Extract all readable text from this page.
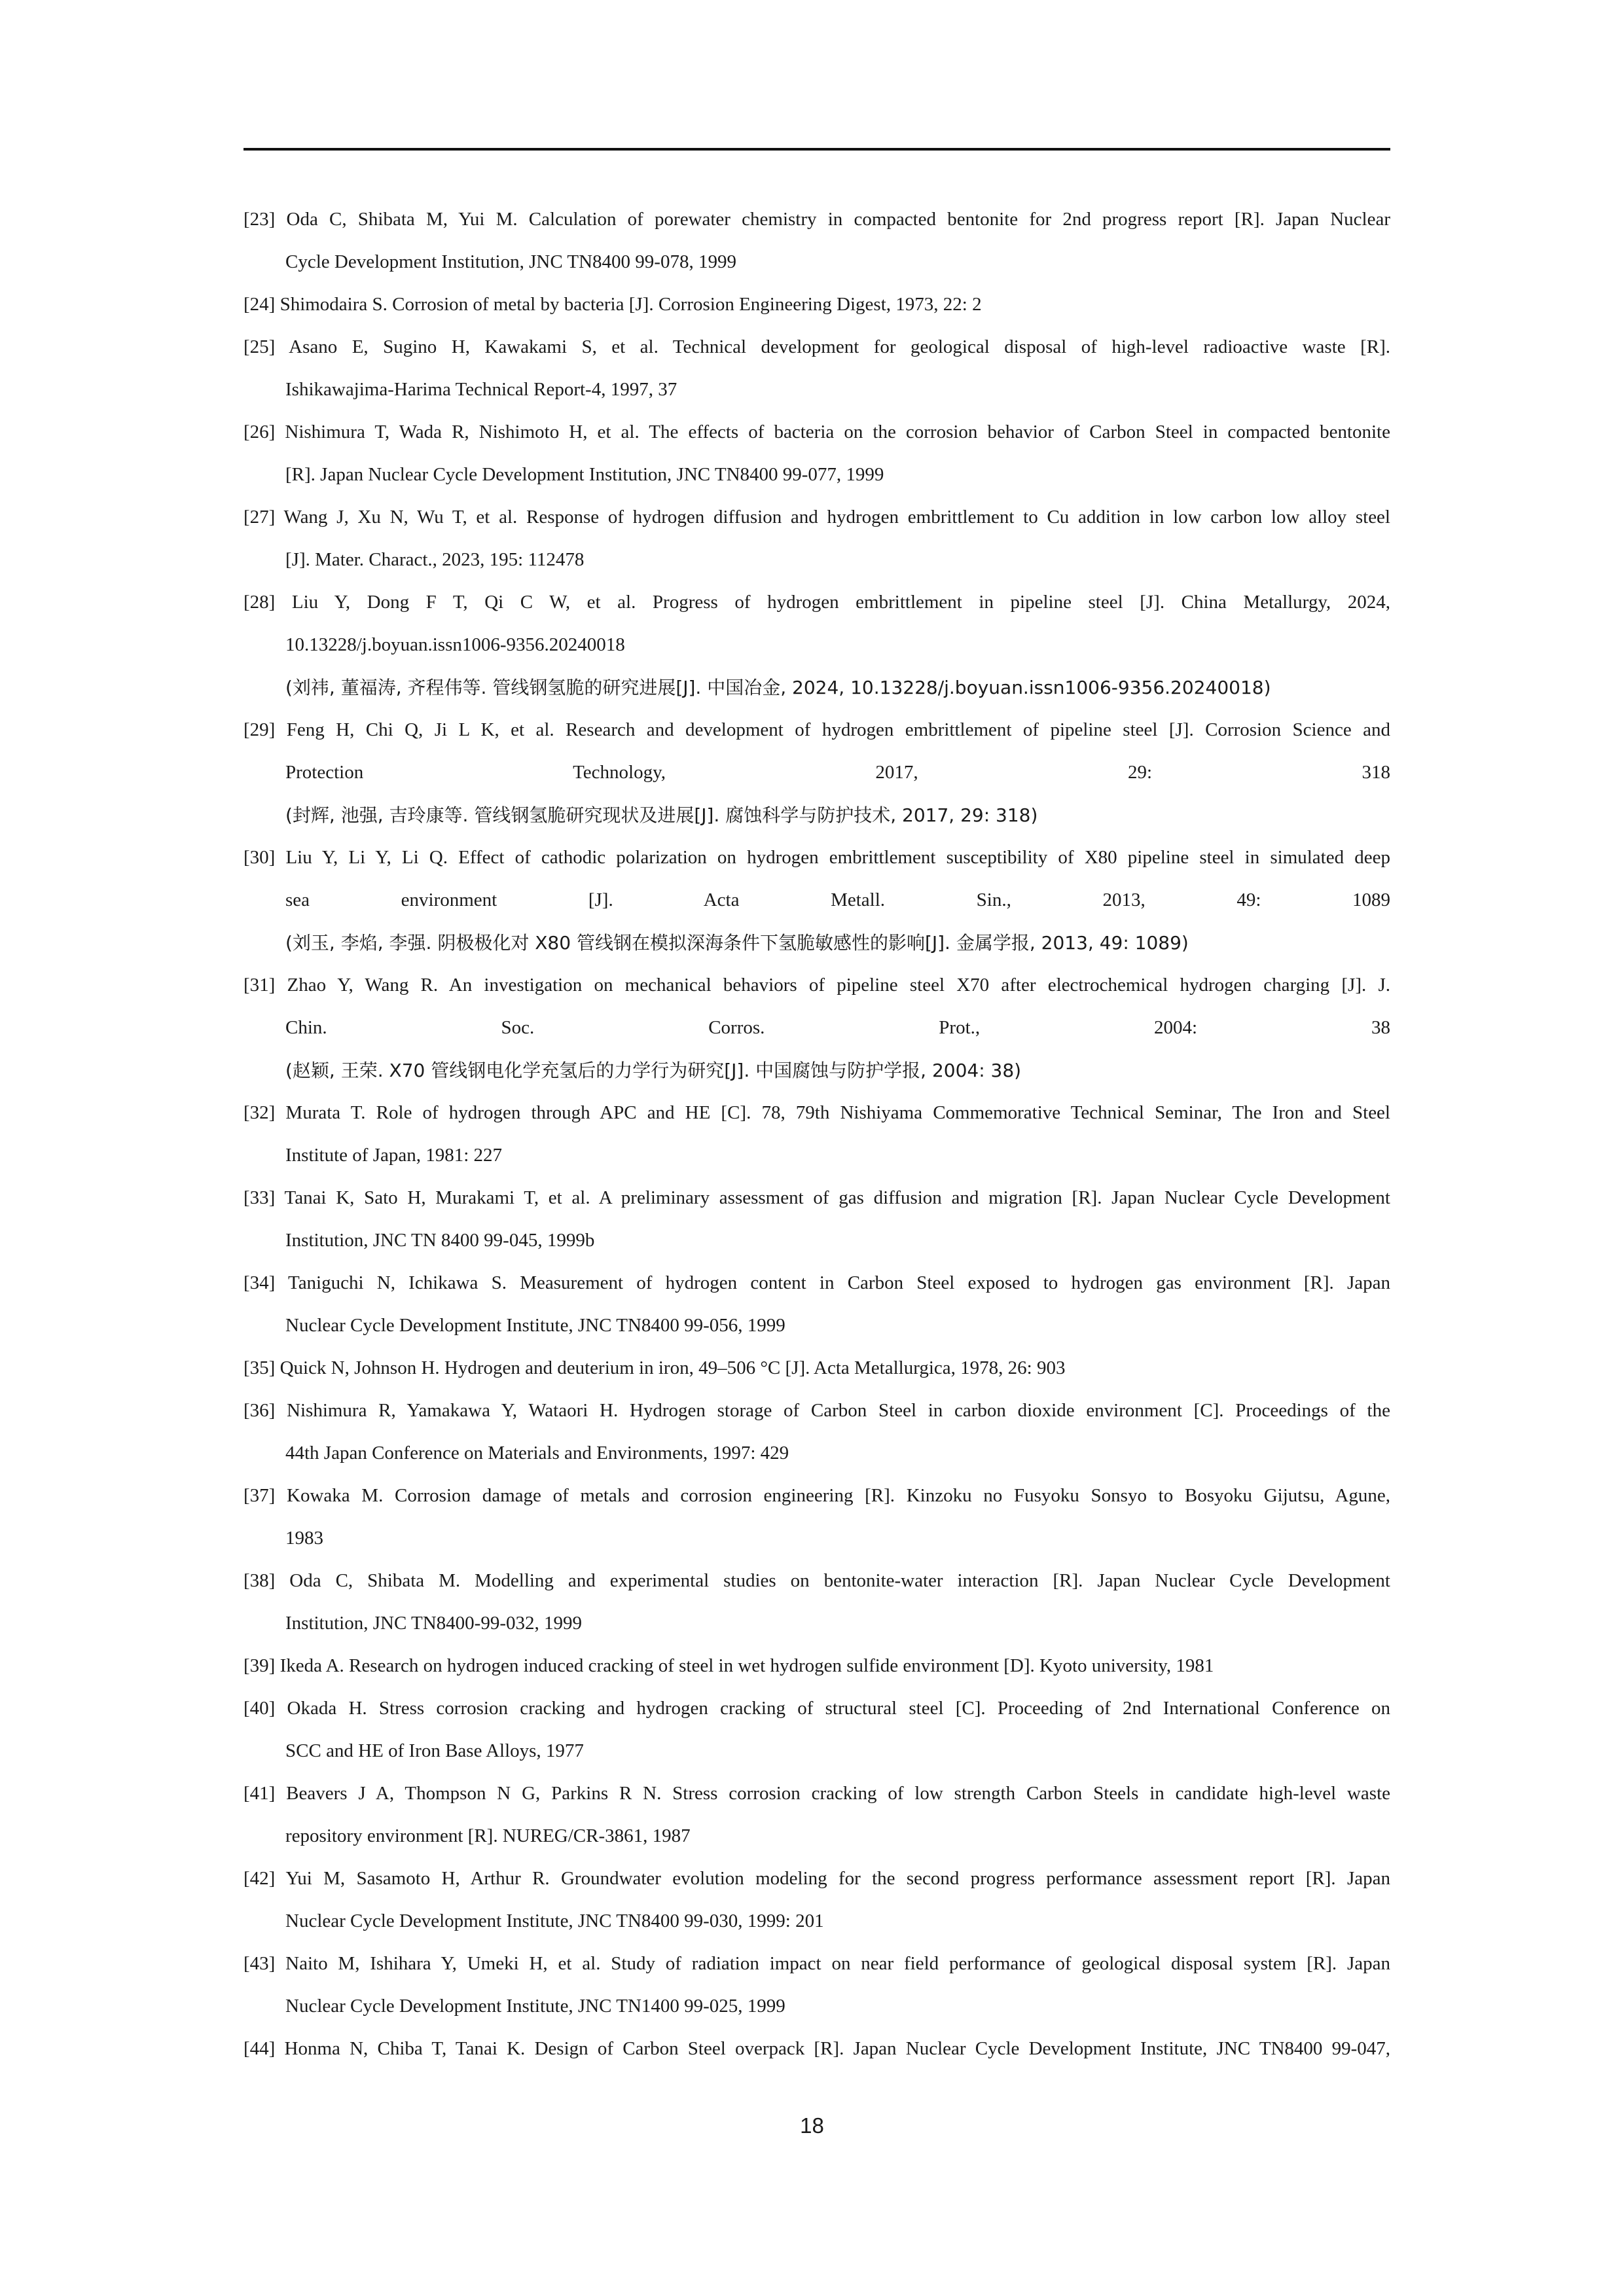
[23] Oda C, Shibata M, Yui M. Calculation of porewater chemistry in compacted bentonite for 2nd progress report [R]. Japan Nuclear
Cycle Development Institution, JNC TN8400 99-078, 1999
[24] Shimodaira S. Corrosion of metal by bacteria [J]. Corrosion Engineering Digest, 1973, 22: 2
[25] Asano E, Sugino H, Kawakami S, et al. Technical development for geological disposal of high-level radioactive waste [R].
Ishikawajima-Harima Technical Report-4, 1997, 37
[26] Nishimura T, Wada R, Nishimoto H, et al. The effects of bacteria on the corrosion behavior of Carbon Steel in compacted bentonite
[R]. Japan Nuclear Cycle Development Institution, JNC TN8400 99-077, 1999
[27] Wang J, Xu N, Wu T, et al. Response of hydrogen diffusion and hydrogen embrittlement to Cu addition in low carbon low alloy steel
[J]. Mater. Charact., 2023, 195: 112478
[28] Liu Y, Dong F T, Qi C W, et al. Progress of hydrogen embrittlement in pipeline steel [J]. China Metallurgy, 2024,
10.13228/j.boyuan.issn1006-9356.20240018
(刘祎, 董福涛, 齐程伟等. 管线钢氢脆的研究进展[J]. 中国冶金, 2024, 10.13228/j.boyuan.issn1006-9356.20240018)
[29] Feng H, Chi Q, Ji L K, et al. Research and development of hydrogen embrittlement of pipeline steel [J]. Corrosion Science and
Protection Technology, 2017, 29: 318
(封辉, 池强, 吉玲康等. 管线钢氢脆研究现状及进展[J]. 腐蚀科学与防护技术, 2017, 29: 318)
[30] Liu Y, Li Y, Li Q. Effect of cathodic polarization on hydrogen embrittlement susceptibility of X80 pipeline steel in simulated deep
sea environment [J]. Acta Metall. Sin., 2013, 49: 1089
(刘玉, 李焰, 李强. 阴极极化对 X80 管线钢在模拟深海条件下氢脆敏感性的影响[J]. 金属学报, 2013, 49: 1089)
[31] Zhao Y, Wang R. An investigation on mechanical behaviors of pipeline steel X70 after electrochemical hydrogen charging [J]. J.
Chin. Soc. Corros. Prot., 2004: 38
(赵颖, 王荣. X70 管线钢电化学充氢后的力学行为研究[J]. 中国腐蚀与防护学报, 2004: 38)
[32] Murata T. Role of hydrogen through APC and HE [C]. 78, 79th Nishiyama Commemorative Technical Seminar, The Iron and Steel
Institute of Japan, 1981: 227
[33] Tanai K, Sato H, Murakami T, et al. A preliminary assessment of gas diffusion and migration [R]. Japan Nuclear Cycle Development
Institution, JNC TN 8400 99-045, 1999b
[34] Taniguchi N, Ichikawa S. Measurement of hydrogen content in Carbon Steel exposed to hydrogen gas environment [R]. Japan
Nuclear Cycle Development Institute, JNC TN8400 99-056, 1999
[35] Quick N, Johnson H. Hydrogen and deuterium in iron, 49–506 °C [J]. Acta Metallurgica, 1978, 26: 903
[36] Nishimura R, Yamakawa Y, Wataori H. Hydrogen storage of Carbon Steel in carbon dioxide environment [C]. Proceedings of the
44th Japan Conference on Materials and Environments, 1997: 429
[37] Kowaka M. Corrosion damage of metals and corrosion engineering [R]. Kinzoku no Fusyoku Sonsyo to Bosyoku Gijutsu, Agune,
1983
[38] Oda C, Shibata M. Modelling and experimental studies on bentonite-water interaction [R]. Japan Nuclear Cycle Development
Institution, JNC TN8400-99-032, 1999
[39] Ikeda A. Research on hydrogen induced cracking of steel in wet hydrogen sulfide environment [D]. Kyoto university, 1981
[40] Okada H. Stress corrosion cracking and hydrogen cracking of structural steel [C]. Proceeding of 2nd International Conference on
SCC and HE of Iron Base Alloys, 1977
[41] Beavers J A, Thompson N G, Parkins R N. Stress corrosion cracking of low strength Carbon Steels in candidate high-level waste
repository environment [R]. NUREG/CR-3861, 1987
[42] Yui M, Sasamoto H, Arthur R. Groundwater evolution modeling for the second progress performance assessment report [R]. Japan
Nuclear Cycle Development Institute, JNC TN8400 99-030, 1999: 201
[43] Naito M, Ishihara Y, Umeki H, et al. Study of radiation impact on near field performance of geological disposal system [R]. Japan
Nuclear Cycle Development Institute, JNC TN1400 99-025, 1999
[44] Honma N, Chiba T, Tanai K. Design of Carbon Steel overpack [R]. Japan Nuclear Cycle Development Institute, JNC TN8400 99-047,
18
